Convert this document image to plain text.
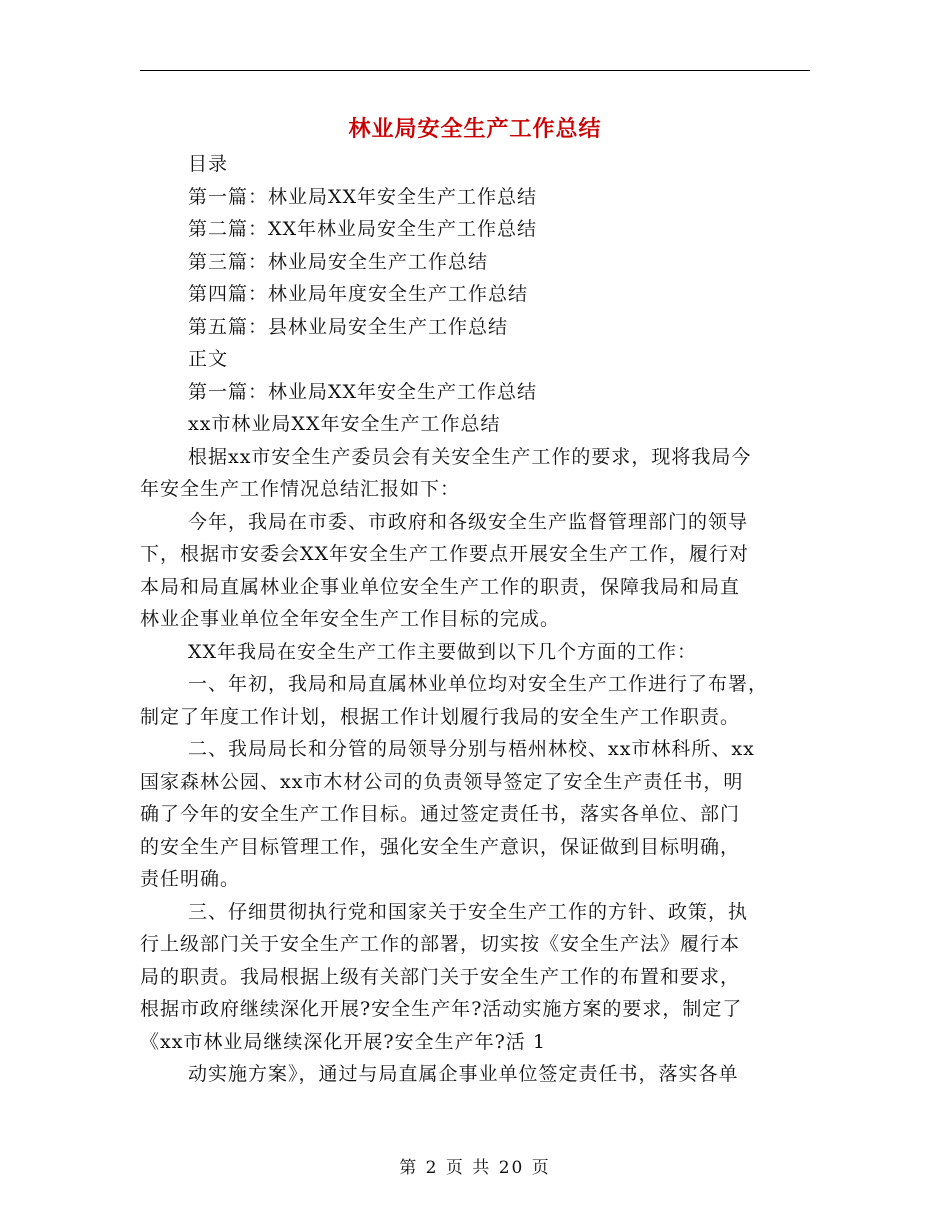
林业局安全生产工作总结
目录
第一篇：林业局XX年安全生产工作总结
第二篇：XX年林业局安全生产工作总结
第三篇：林业局安全生产工作总结
第四篇：林业局年度安全生产工作总结
第五篇：县林业局安全生产工作总结
正文
第一篇：林业局XX年安全生产工作总结
xx市林业局XX年安全生产工作总结
根据xx市安全生产委员会有关安全生产工作的要求，现将我局今
年安全生产工作情况总结汇报如下：
今年，我局在市委、市政府和各级安全生产监督管理部门的领导
下，根据市安委会XX年安全生产工作要点开展安全生产工作，履行对
本局和局直属林业企事业单位安全生产工作的职责，保障我局和局直
林业企事业单位全年安全生产工作目标的完成。
XX年我局在安全生产工作主要做到以下几个方面的工作：
一、年初，我局和局直属林业单位均对安全生产工作进行了布署，
制定了年度工作计划，根据工作计划履行我局的安全生产工作职责。
二、我局局长和分管的局领导分别与梧州林校、xx市林科所、xx
国家森林公园、xx市木材公司的负责领导签定了安全生产责任书，明
确了今年的安全生产工作目标。通过签定责任书，落实各单位、部门
的安全生产目标管理工作，强化安全生产意识，保证做到目标明确，
责任明确。
三、仔细贯彻执行党和国家关于安全生产工作的方针、政策，执
行上级部门关于安全生产工作的部署，切实按《安全生产法》履行本
局的职责。我局根据上级有关部门关于安全生产工作的布置和要求，
根据市政府继续深化开展?安全生产年?活动实施方案的要求，制定了
《xx市林业局继续深化开展?安全生产年?活 1
动实施方案》，通过与局直属企事业单位签定责任书，落实各单
第 2 页 共 20 页
